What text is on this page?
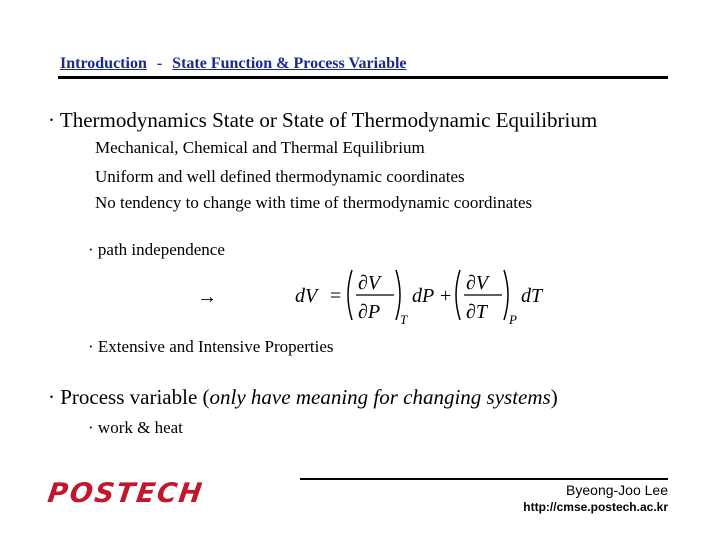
Introduction - State Function & Process Variable
· Thermodynamics State or State of Thermodynamic Equilibrium
Mechanical, Chemical and Thermal Equilibrium
Uniform and well defined thermodynamic coordinates
No tendency to change with time of thermodynamic coordinates
· path independence
→	dV =
∂V
∂P T
dP +
∂V
∂T P
dT
· Extensive and Intensive Properties
· Process variable (only have meaning for changing systems)
· work & heat
POSTECH	Byeong-Joo Lee
http://cmse.postech.ac.kr
